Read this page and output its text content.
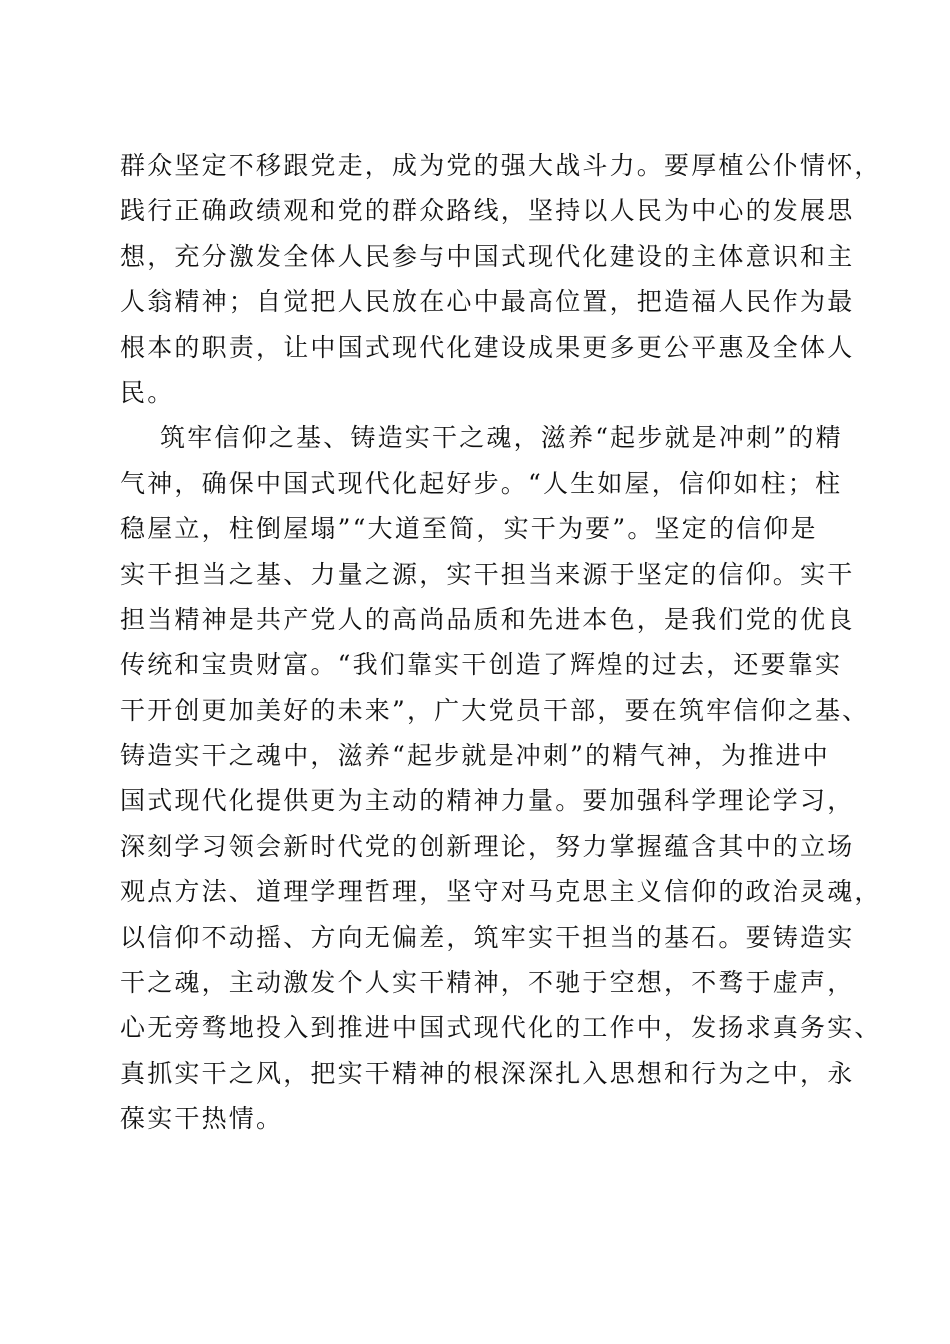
群众坚定不移跟党走，成为党的强大战斗力。要厚植公仆情怀，
践行正确政绩观和党的群众路线，坚持以人民为中心的发展思
想，充分激发全体人民参与中国式现代化建设的主体意识和主
人翁精神；自觉把人民放在心中最高位置，把造福人民作为最
根本的职责，让中国式现代化建设成果更多更公平惠及全体人
民。
筑牢信仰之基、铸造实干之魂，滋养“起步就是冲刺”的精
气神，确保中国式现代化起好步。“人生如屋，信仰如柱；柱
稳屋立，柱倒屋塌”“大道至简，实干为要”。坚定的信仰是
实干担当之基、力量之源，实干担当来源于坚定的信仰。实干
担当精神是共产党人的高尚品质和先进本色，是我们党的优良
传统和宝贵财富。“我们靠实干创造了辉煌的过去，还要靠实
干开创更加美好的未来”，广大党员干部，要在筑牢信仰之基、
铸造实干之魂中，滋养“起步就是冲刺”的精气神，为推进中
国式现代化提供更为主动的精神力量。要加强科学理论学习，
深刻学习领会新时代党的创新理论，努力掌握蕴含其中的立场
观点方法、道理学理哲理，坚守对马克思主义信仰的政治灵魂，
以信仰不动摇、方向无偏差，筑牢实干担当的基石。要铸造实
干之魂，主动激发个人实干精神，不驰于空想，不骛于虚声，
心无旁骛地投入到推进中国式现代化的工作中，发扬求真务实、
真抓实干之风，把实干精神的根深深扎入思想和行为之中，永
葆实干热情。
